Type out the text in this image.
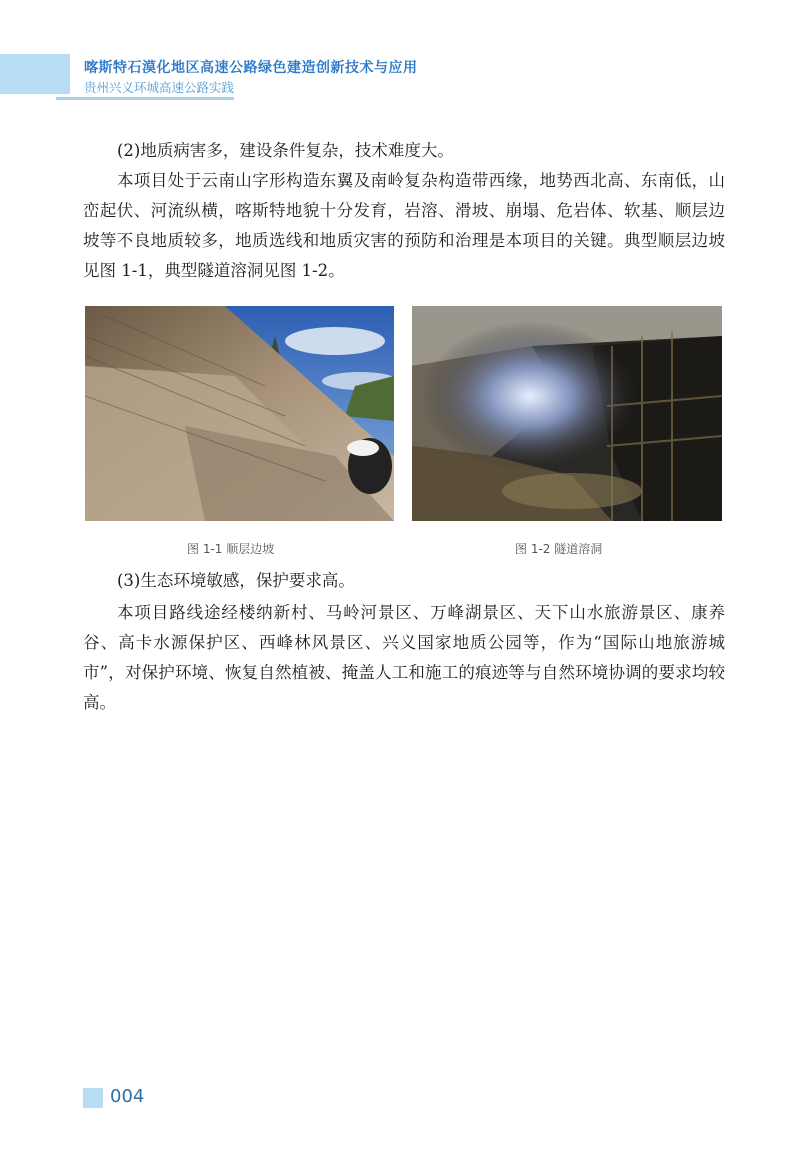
喀斯特石漠化地区高速公路绿色建造创新技术与应用
贵州兴义环城高速公路实践

(2)地质病害多，建设条件复杂，技术难度大。

本项目处于云南山字形构造东翼及南岭复杂构造带西缘，地势西北高、东南低，山峦起伏、河流纵横，喀斯特地貌十分发育，岩溶、滑坡、崩塌、危岩体、软基、顺层边坡等不良地质较多，地质选线和地质灾害的预防和治理是本项目的关键。典型顺层边坡见图 1-1，典型隧道溶洞见图 1-2。

图 1-1 顺层边坡	图 1-2 隧道溶洞

(3)生态环境敏感，保护要求高。

本项目路线途经楼纳新村、马岭河景区、万峰湖景区、天下山水旅游景区、康养谷、高卡水源保护区、西峰林风景区、兴义国家地质公园等，作为“国际山地旅游城市”，对保护环境、恢复自然植被、掩盖人工和施工的痕迹等与自然环境协调的要求均较高。

004
